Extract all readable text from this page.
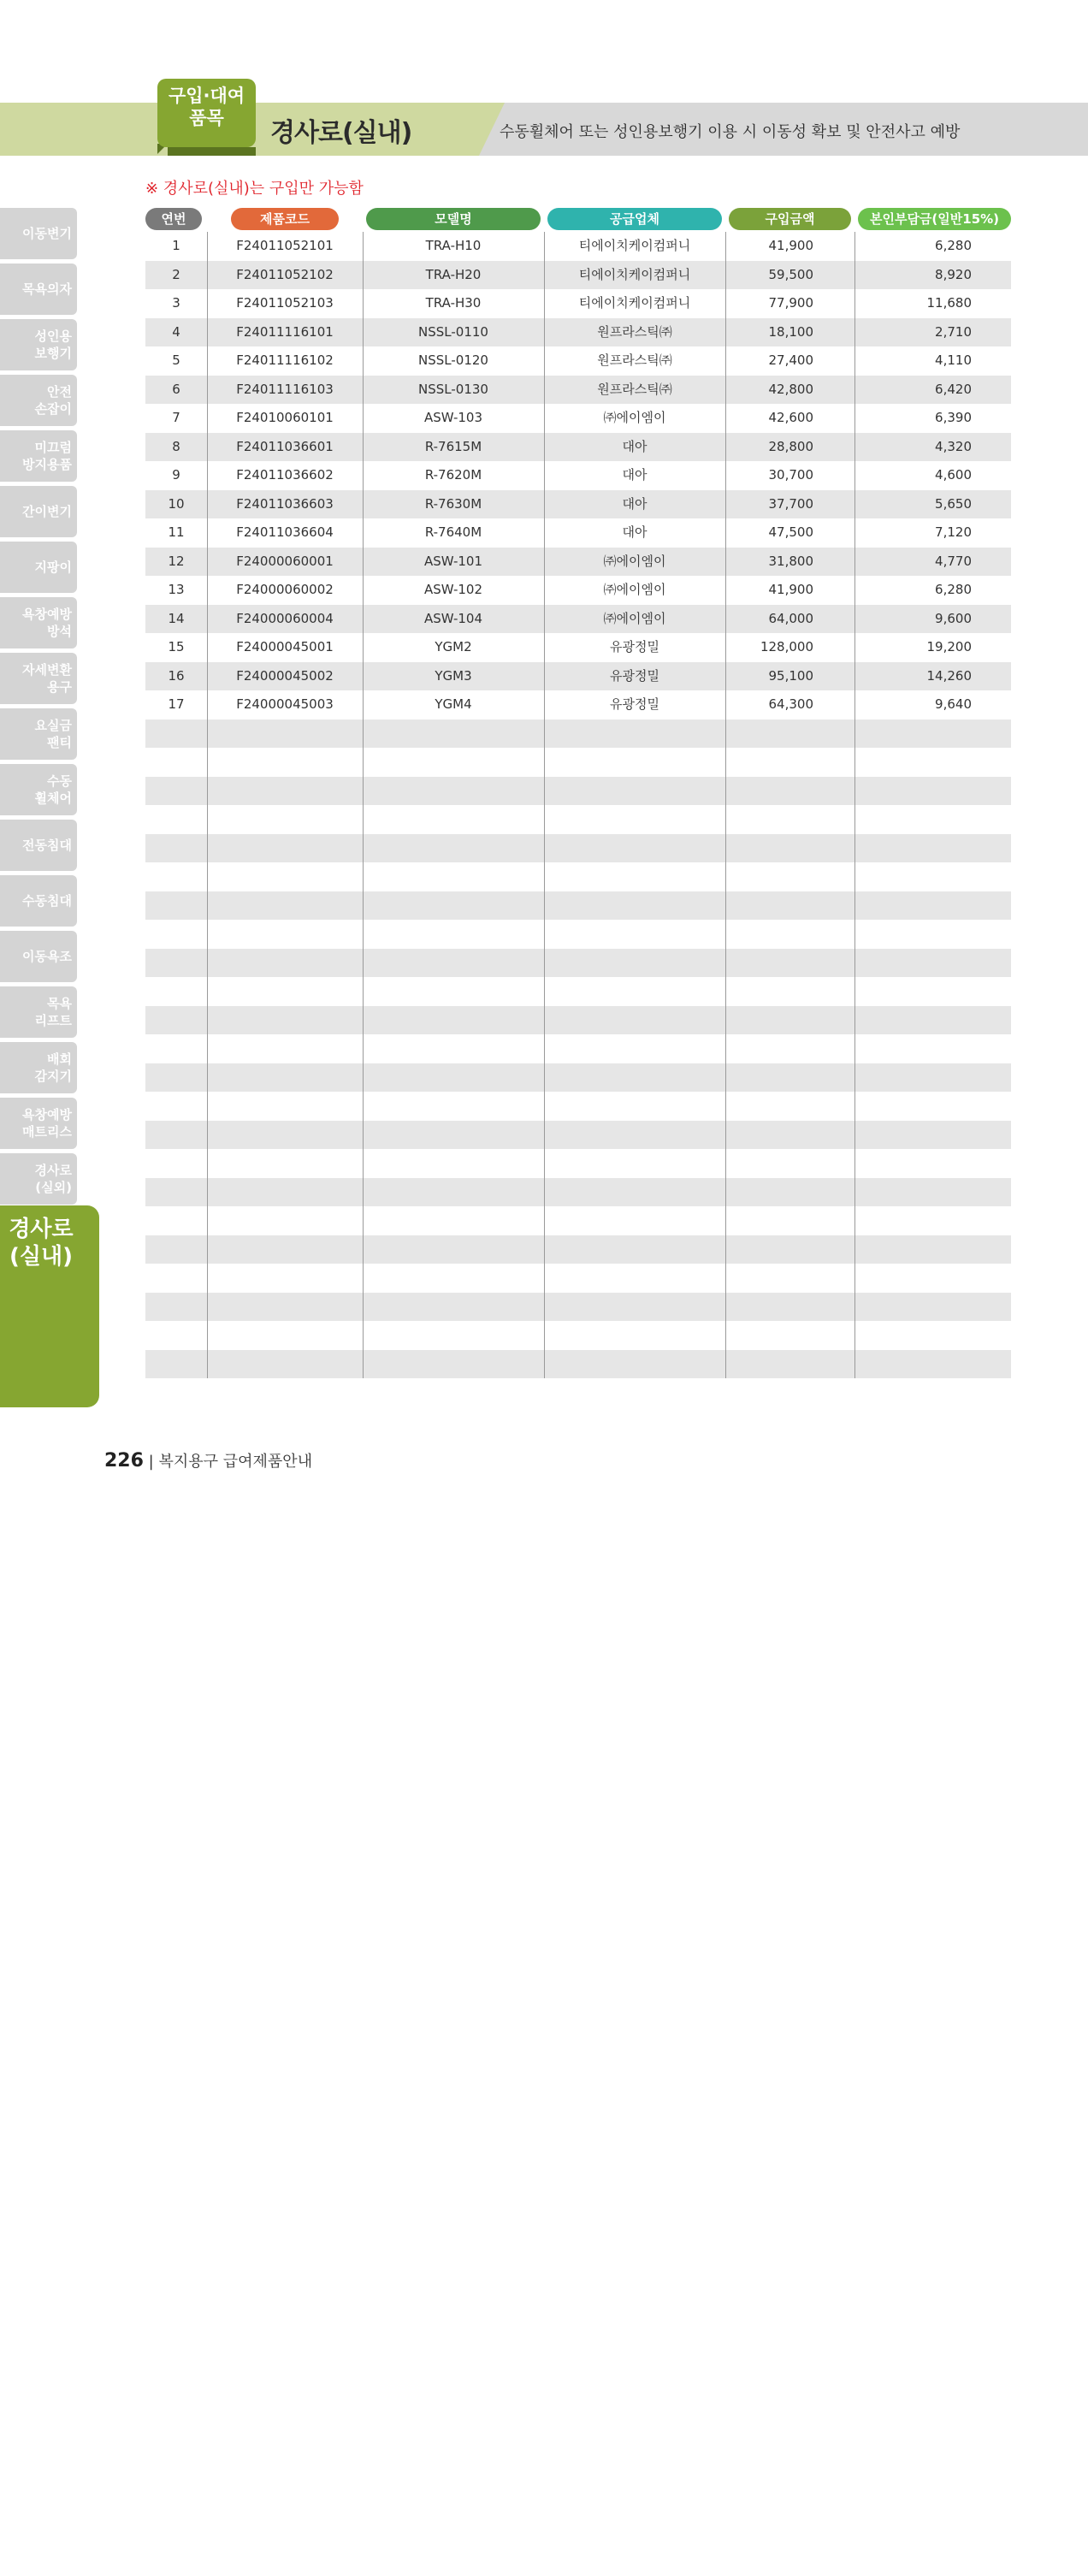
구입·대여
품목	경사로(실내)	수동휠체어 또는 성인용보행기 이용 시 이동성 확보 및 안전사고 예방
※ 경사로(실내)는 구입만 가능함
경사로
(실내)
연번	제품코드	모델명	공급업체	구입금액	본인부담금(일반15%)
1	F24011052101	TRA-H10	티에이치케이컴퍼니	41,900	6,280
2	F24011052102	TRA-H20	티에이치케이컴퍼니	59,500	8,920
3	F24011052103	TRA-H30	티에이치케이컴퍼니	77,900	11,680
4	F24011116101	NSSL-0110	원프라스틱㈜	18,100	2,710
5	F24011116102	NSSL-0120	원프라스틱㈜	27,400	4,110
6	F24011116103	NSSL-0130	원프라스틱㈜	42,800	6,420
7	F24010060101	ASW-103	㈜에이엠이	42,600	6,390
8	F24011036601	R-7615M	대아	28,800	4,320
9	F24011036602	R-7620M	대아	30,700	4,600
10	F24011036603	R-7630M	대아	37,700	5,650
11	F24011036604	R-7640M	대아	47,500	7,120
12	F24000060001	ASW-101	㈜에이엠이	31,800	4,770
13	F24000060002	ASW-102	㈜에이엠이	41,900	6,280
14	F24000060004	ASW-104	㈜에이엠이	64,000	9,600
15	F24000045001	YGM2	유광정밀	128,000	19,200
16	F24000045002	YGM3	유광정밀	95,100	14,260
17	F24000045003	YGM4	유광정밀	64,300	9,640
226 | 복지용구 급여제품안내
이동변기
목욕의자
성인용
보행기
안전
손잡이
미끄럼
방지용품
간이변기
지팡이
욕창예방
방석
자세변환
용구
요실금
팬티
수동
휠체어
전동침대
수동침대
이동욕조
목욕
리프트
배회
감지기
욕창예방
매트리스
경사로
(실외)
